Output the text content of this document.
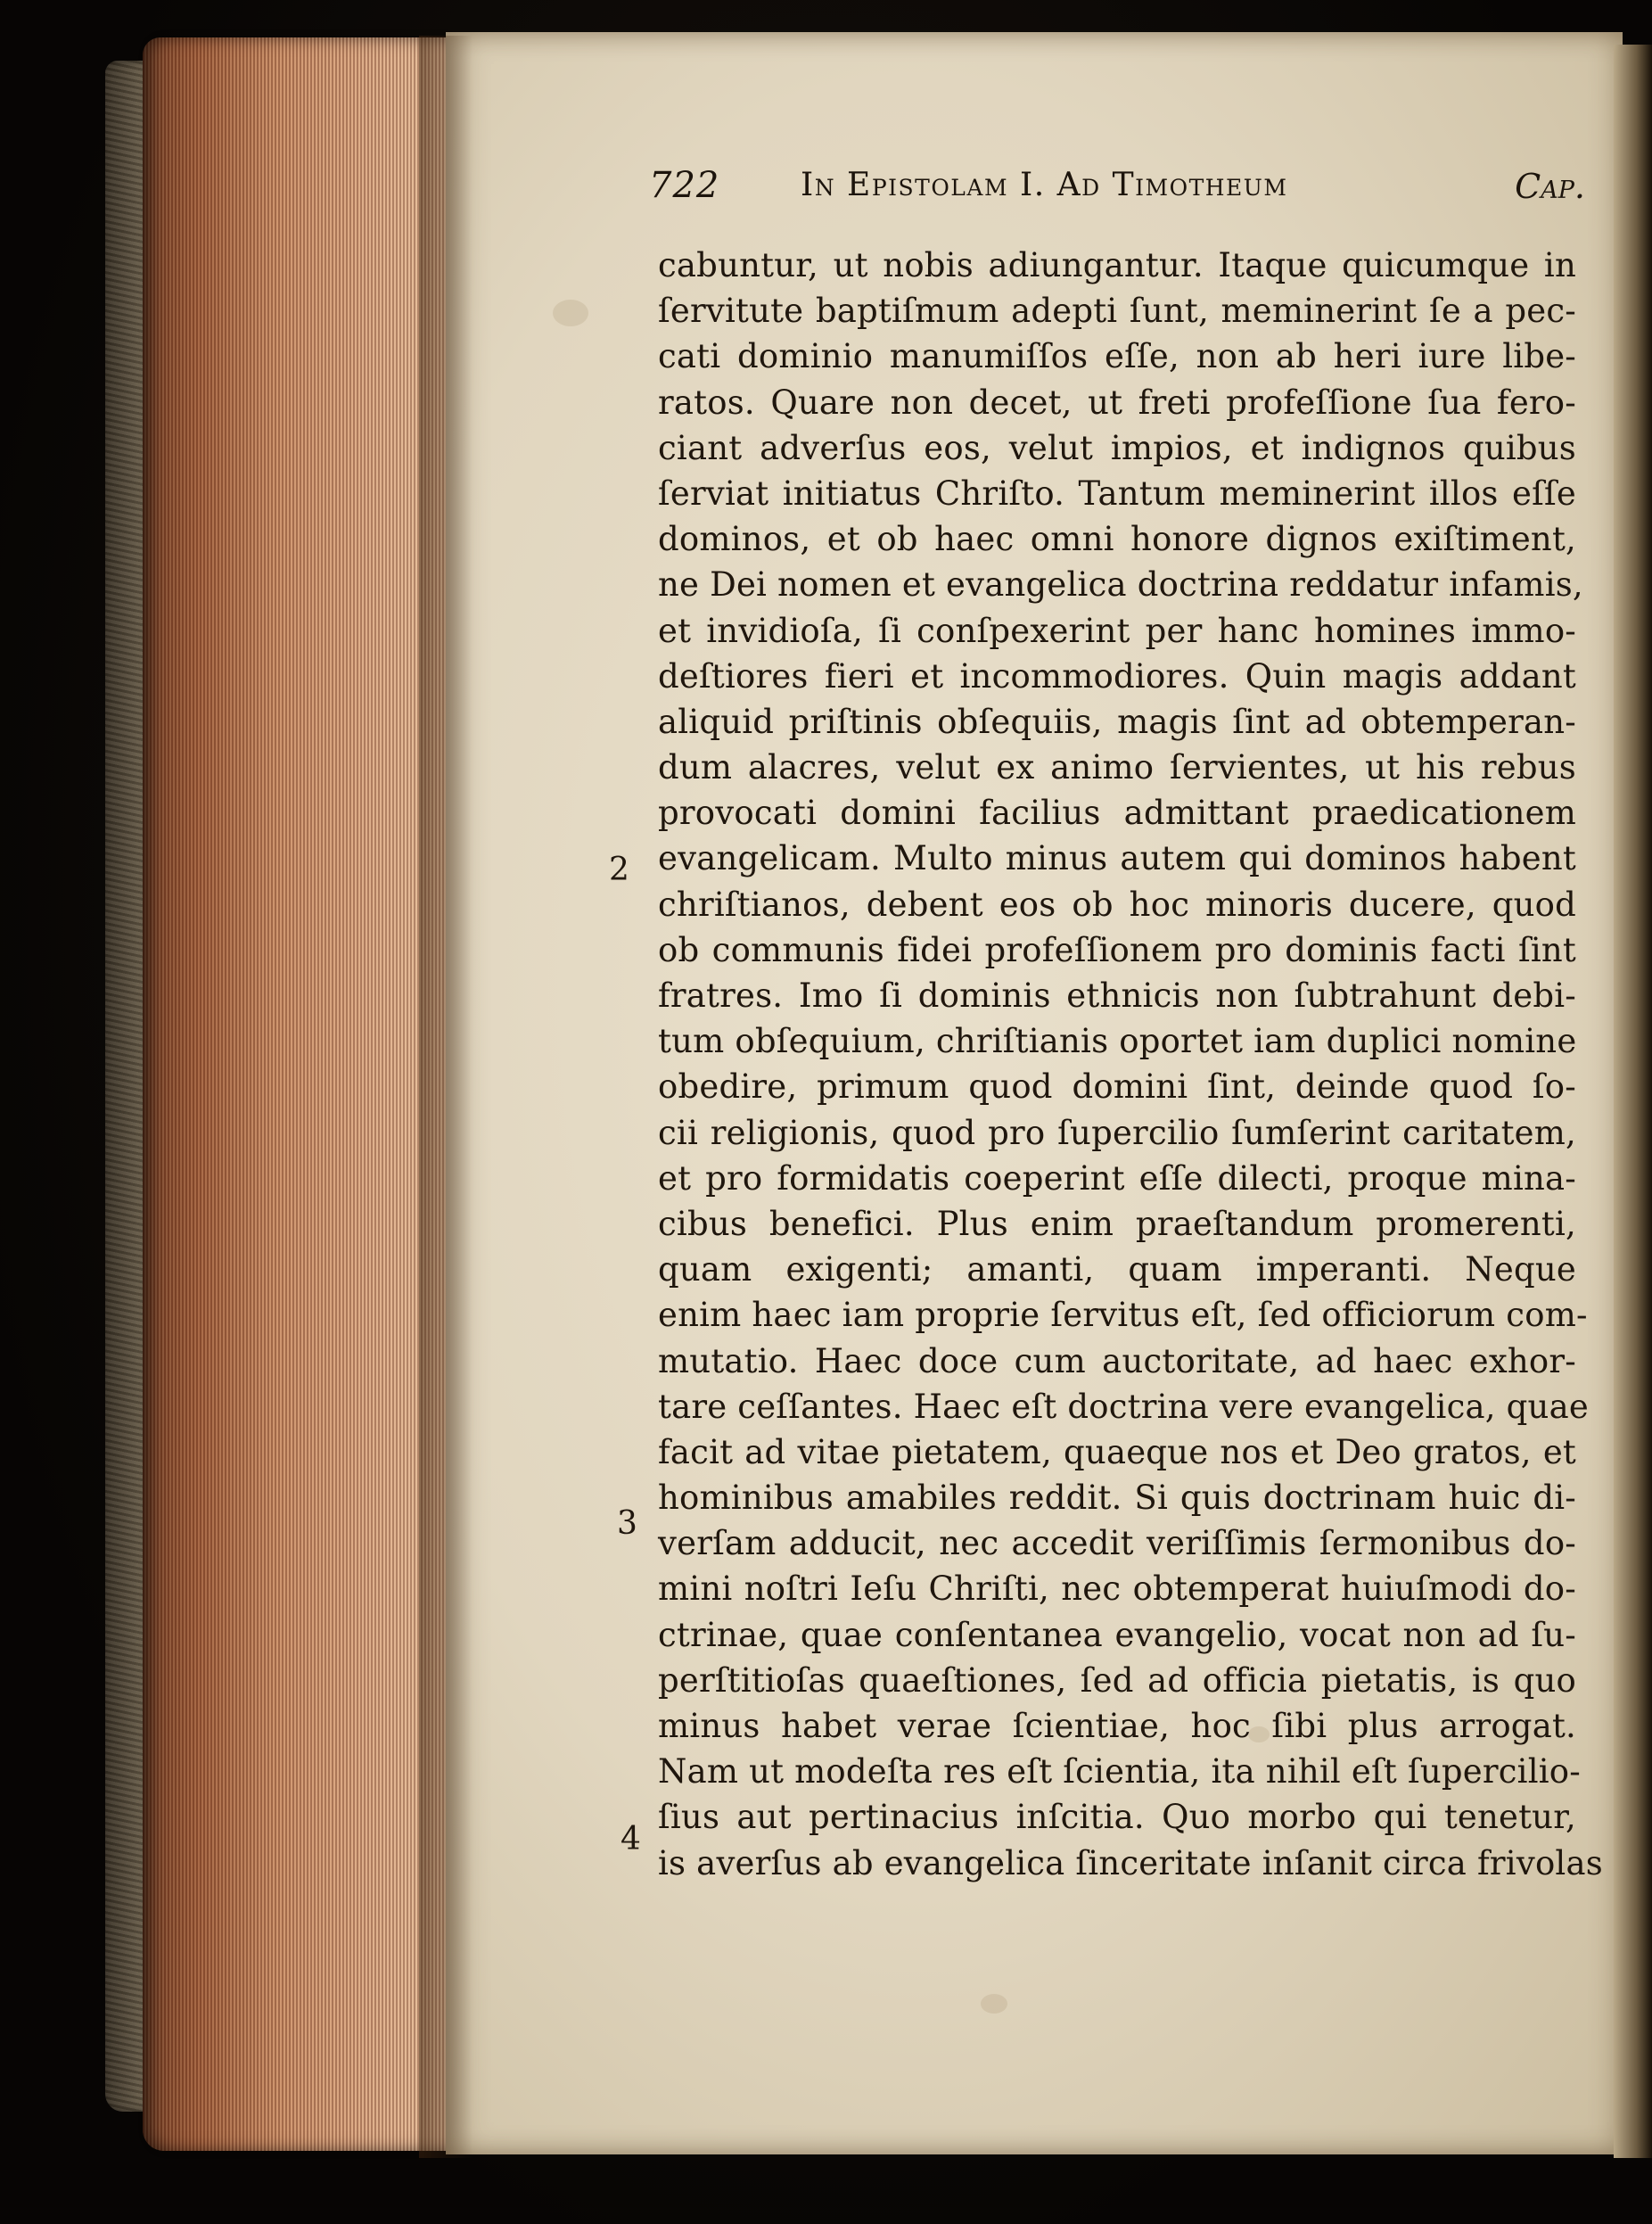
722	In Epistolam I. Ad Timotheum	Cap.
2
3
4
cabuntur, ut nobis adiungantur. Itaque quicumque in
ſervitute baptiſmum adepti ſunt, meminerint ſe a pec-
cati dominio manumiſſos eſſe, non ab heri iure libe-
ratos. Quare non decet, ut freti profeſſione ſua fero-
ciant adverſus eos, velut impios, et indignos quibus
ſerviat initiatus Chriſto. Tantum meminerint illos eſſe
dominos, et ob haec omni honore dignos exiſtiment,
ne Dei nomen et evangelica doctrina reddatur infamis,
et invidioſa, ſi conſpexerint per hanc homines immo-
deſtiores fieri et incommodiores. Quin magis addant
aliquid priſtinis obſequiis, magis ſint ad obtemperan-
dum alacres, velut ex animo ſervientes, ut his rebus
provocati domini facilius admittant praedicationem
evangelicam. Multo minus autem qui dominos habent
chriſtianos, debent eos ob hoc minoris ducere, quod
ob communis fidei profeſſionem pro dominis facti ſint
fratres. Imo ſi dominis ethnicis non ſubtrahunt debi-
tum obſequium, chriſtianis oportet iam duplici nomine
obedire, primum quod domini ſint, deinde quod ſo-
cii religionis, quod pro ſupercilio ſumſerint caritatem,
et pro formidatis coeperint eſſe dilecti, proque mina-
cibus benefici. Plus enim praeſtandum promerenti,
quam exigenti; amanti, quam imperanti. Neque
enim haec iam proprie ſervitus eſt, ſed officiorum com-
mutatio. Haec doce cum auctoritate, ad haec exhor-
tare ceſſantes. Haec eſt doctrina vere evangelica, quae
facit ad vitae pietatem, quaeque nos et Deo gratos, et
hominibus amabiles reddit. Si quis doctrinam huic di-
verſam adducit, nec accedit veriſſimis ſermonibus do-
mini noſtri Ieſu Chriſti, nec obtemperat huiuſmodi do-
ctrinae, quae conſentanea evangelio, vocat non ad ſu-
perſtitioſas quaeſtiones, ſed ad officia pietatis, is quo
minus habet verae ſcientiae, hoc ſibi plus arrogat.
Nam ut modeſta res eſt ſcientia, ita nihil eſt ſupercilio-
ſius aut pertinacius inſcitia. Quo morbo qui tenetur,
is averſus ab evangelica ſinceritate inſanit circa frivolas
